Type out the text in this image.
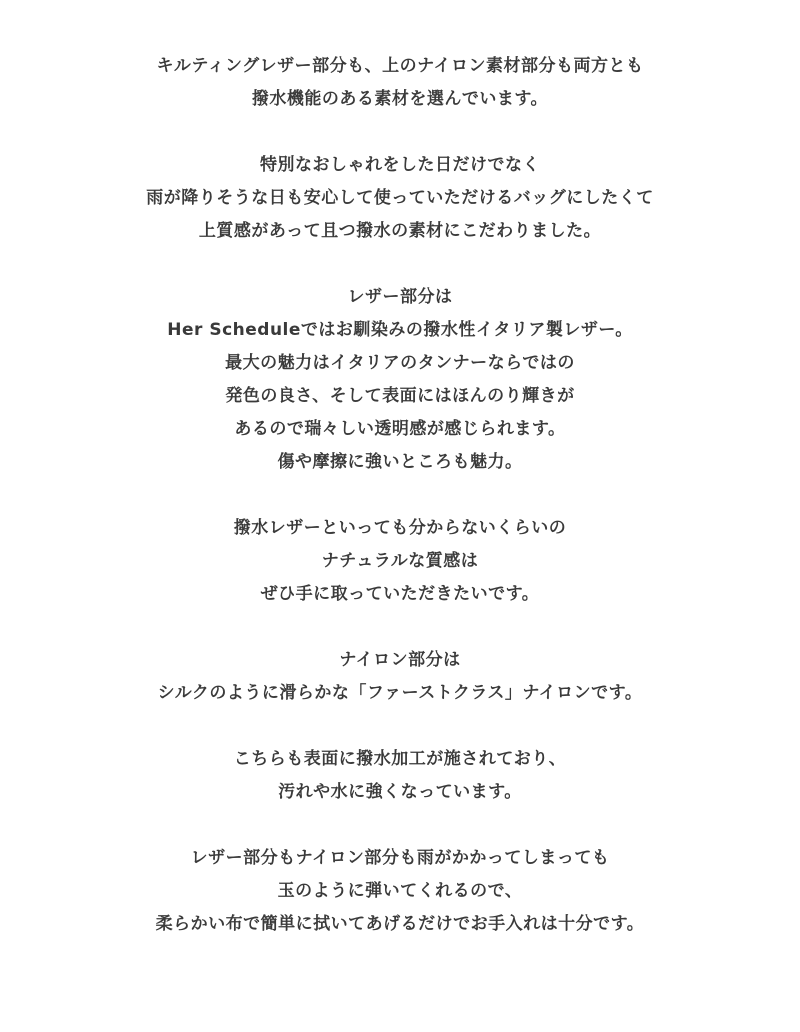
キルティングレザー部分も、上のナイロン素材部分も両方とも
撥水機能のある素材を選んでいます。
特別なおしゃれをした日だけでなく
雨が降りそうな日も安心して使っていただけるバッグにしたくて
上質感があって且つ撥水の素材にこだわりました。
レザー部分は
Her Scheduleではお馴染みの撥水性イタリア製レザー。
最大の魅力はイタリアのタンナーならではの
発色の良さ、そして表面にはほんのり輝きが
あるので瑞々しい透明感が感じられます。
傷や摩擦に強いところも魅力。
撥水レザーといっても分からないくらいの
ナチュラルな質感は
ぜひ手に取っていただきたいです。
ナイロン部分は
シルクのように滑らかな「ファーストクラス」ナイロンです。
こちらも表面に撥水加工が施されており、
汚れや水に強くなっています。
レザー部分もナイロン部分も雨がかかってしまっても
玉のように弾いてくれるので、
柔らかい布で簡単に拭いてあげるだけでお手入れは十分です。
